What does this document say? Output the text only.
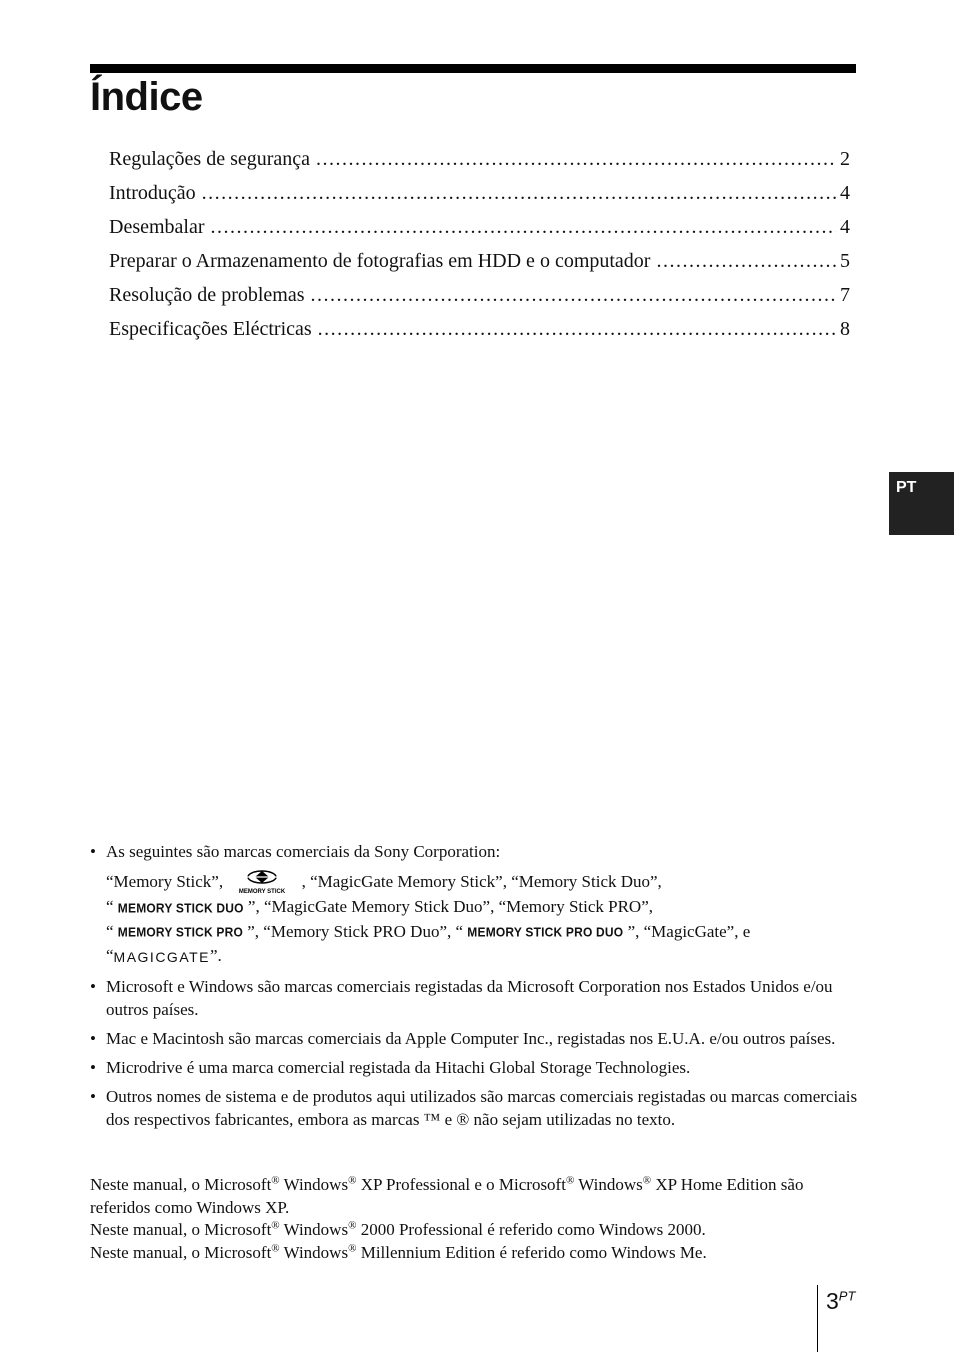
Índice
Regulações de segurança .....	2
Introdução .....	4
Desembalar .....	4
Preparar o Armazenamento de fotografias em HDD e o computador .....	5
Resolução de problemas .....	7
Especificações Eléctricas .....	8
PT
• As seguintes são marcas comerciais da Sony Corporation:

“Memory Stick”,
MEMORY STICK
, “MagicGate Memory Stick”, “Memory Stick Duo”,

“ MEMORY STICK DUO ”, “MagicGate Memory Stick Duo”, “Memory Stick PRO”,

“ MEMORY STICK PRO ”, “Memory Stick PRO Duo”, “ MEMORY STICK PRO DUO ”, “MagicGate”, e

“MAGICGATE”.

• Microsoft e Windows são marcas comerciais registadas da Microsoft Corporation nos Estados Unidos e/ou outros países.

• Mac e Macintosh são marcas comerciais da Apple Computer Inc., registadas nos E.U.A. e/ou outros países.

• Microdrive é uma marca comercial registada da Hitachi Global Storage Technologies.

• Outros nomes de sistema e de produtos aqui utilizados são marcas comerciais registadas ou marcas comerciais dos respectivos fabricantes, embora as marcas ™ e ® não sejam utilizadas no texto.

Neste manual, o Microsoft® Windows® XP Professional e o Microsoft® Windows® XP Home Edition são referidos como Windows XP.

Neste manual, o Microsoft® Windows® 2000 Professional é referido como Windows 2000.

Neste manual, o Microsoft® Windows® Millennium Edition é referido como Windows Me.

$3^{PT}$
